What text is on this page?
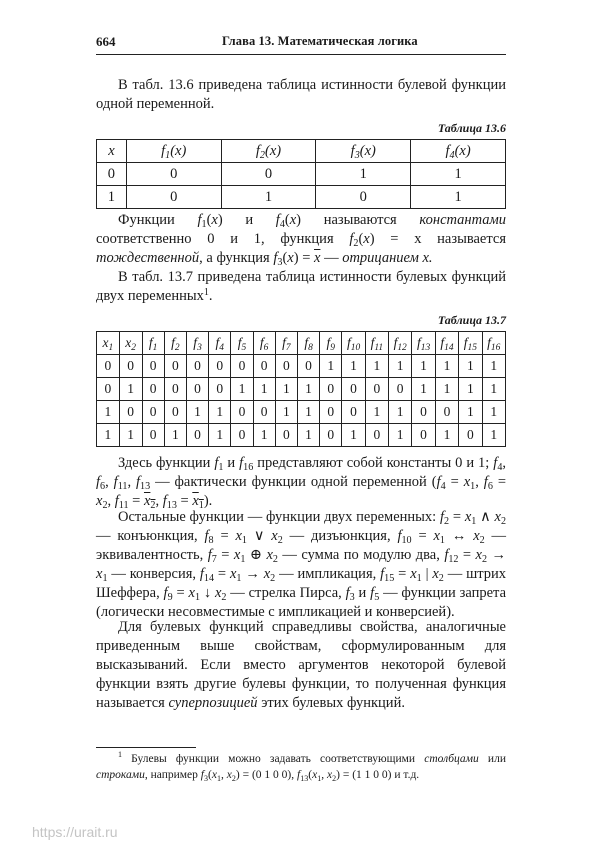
664	Глава 13. Математическая логика

В табл. 13.6 приведена таблица истинности булевой функции одной переменной.

Таблица 13.6
x	$f_1(x)$	$f_2(x)$	$f_3(x)$	$f_4(x)$
0	0	0	1	1
1	0	1	0	1

Функции $f_1(x)$ и $f_4(x)$ называются константами соответственно 0 и 1, функция $f_2(x) = x$ называется тождественной, а функция $f_3(x) = \overline{x}$ — отрицанием x.

В табл. 13.7 приведена таблица истинности булевых функций двух переменных$^1$.

Таблица 13.7
$x_1$	$x_2$	$f_1$	$f_2$	$f_3$	$f_4$	$f_5$	$f_6$	$f_7$	$f_8$	$f_9$	$f_{10}$	$f_{11}$	$f_{12}$	$f_{13}$	$f_{14}$	$f_{15}$	$f_{16}$
0	0	0	0	0	0	0	0	0	0	1	1	1	1	1	1	1	1
0	1	0	0	0	0	1	1	1	1	0	0	0	0	1	1	1	1
1	0	0	0	1	1	0	0	1	1	0	0	1	1	0	0	1	1
1	1	0	1	0	1	0	1	0	1	0	1	0	1	0	1	0	1

Здесь функции $f_1$ и $f_{16}$ представляют собой константы 0 и 1; $f_4$, $f_6$, $f_{11}$, $f_{13}$ — фактически функции одной переменной ($f_4 = x_1$, $f_6 = x_2$, $f_{11} = x_2$, $f_{13} = x_1$).

Остальные функции — функции двух переменных: $f_2 = x_1$ ∧ $x_2$ — конъюнкция, $f_8 = x_1$ ∨ $x_2$ — дизъюнкция, $f_{10} = x_1$ ↔ $x_2$ — эквивалентность, $f_7 = x_1$ ⊕ $x_2$ — сумма по модулю два, $f_{12} = x_2 \to x_1$ — конверсия, $f_{14} = x_1 \to x_2$ — импликация, $f_{15} = x_1$ | $x_2$ — штрих Шеффера, $f_9 = x_1$ ↓ $x_2$ — стрелка Пирса, $f_3$ и $f_5$ — функции запрета (логически несовместимые с импликацией и конверсией).

Для булевых функций справедливы свойства, аналогичные приведенным выше свойствам, сформулированным для высказываний. Если вместо аргументов некоторой булевой функции взять другие булевы функции, то полученная функция называется суперпозицией этих булевых функций.

$^1$ Булевы функции можно задавать соответствующими столбцами или строками, например $f_3(x_1$, $x_2) = (0$ 1 0 0), $f_{13}(x_1$, $x_2) = (1$ 1 0 0) и т.д.

https://urait.ru
